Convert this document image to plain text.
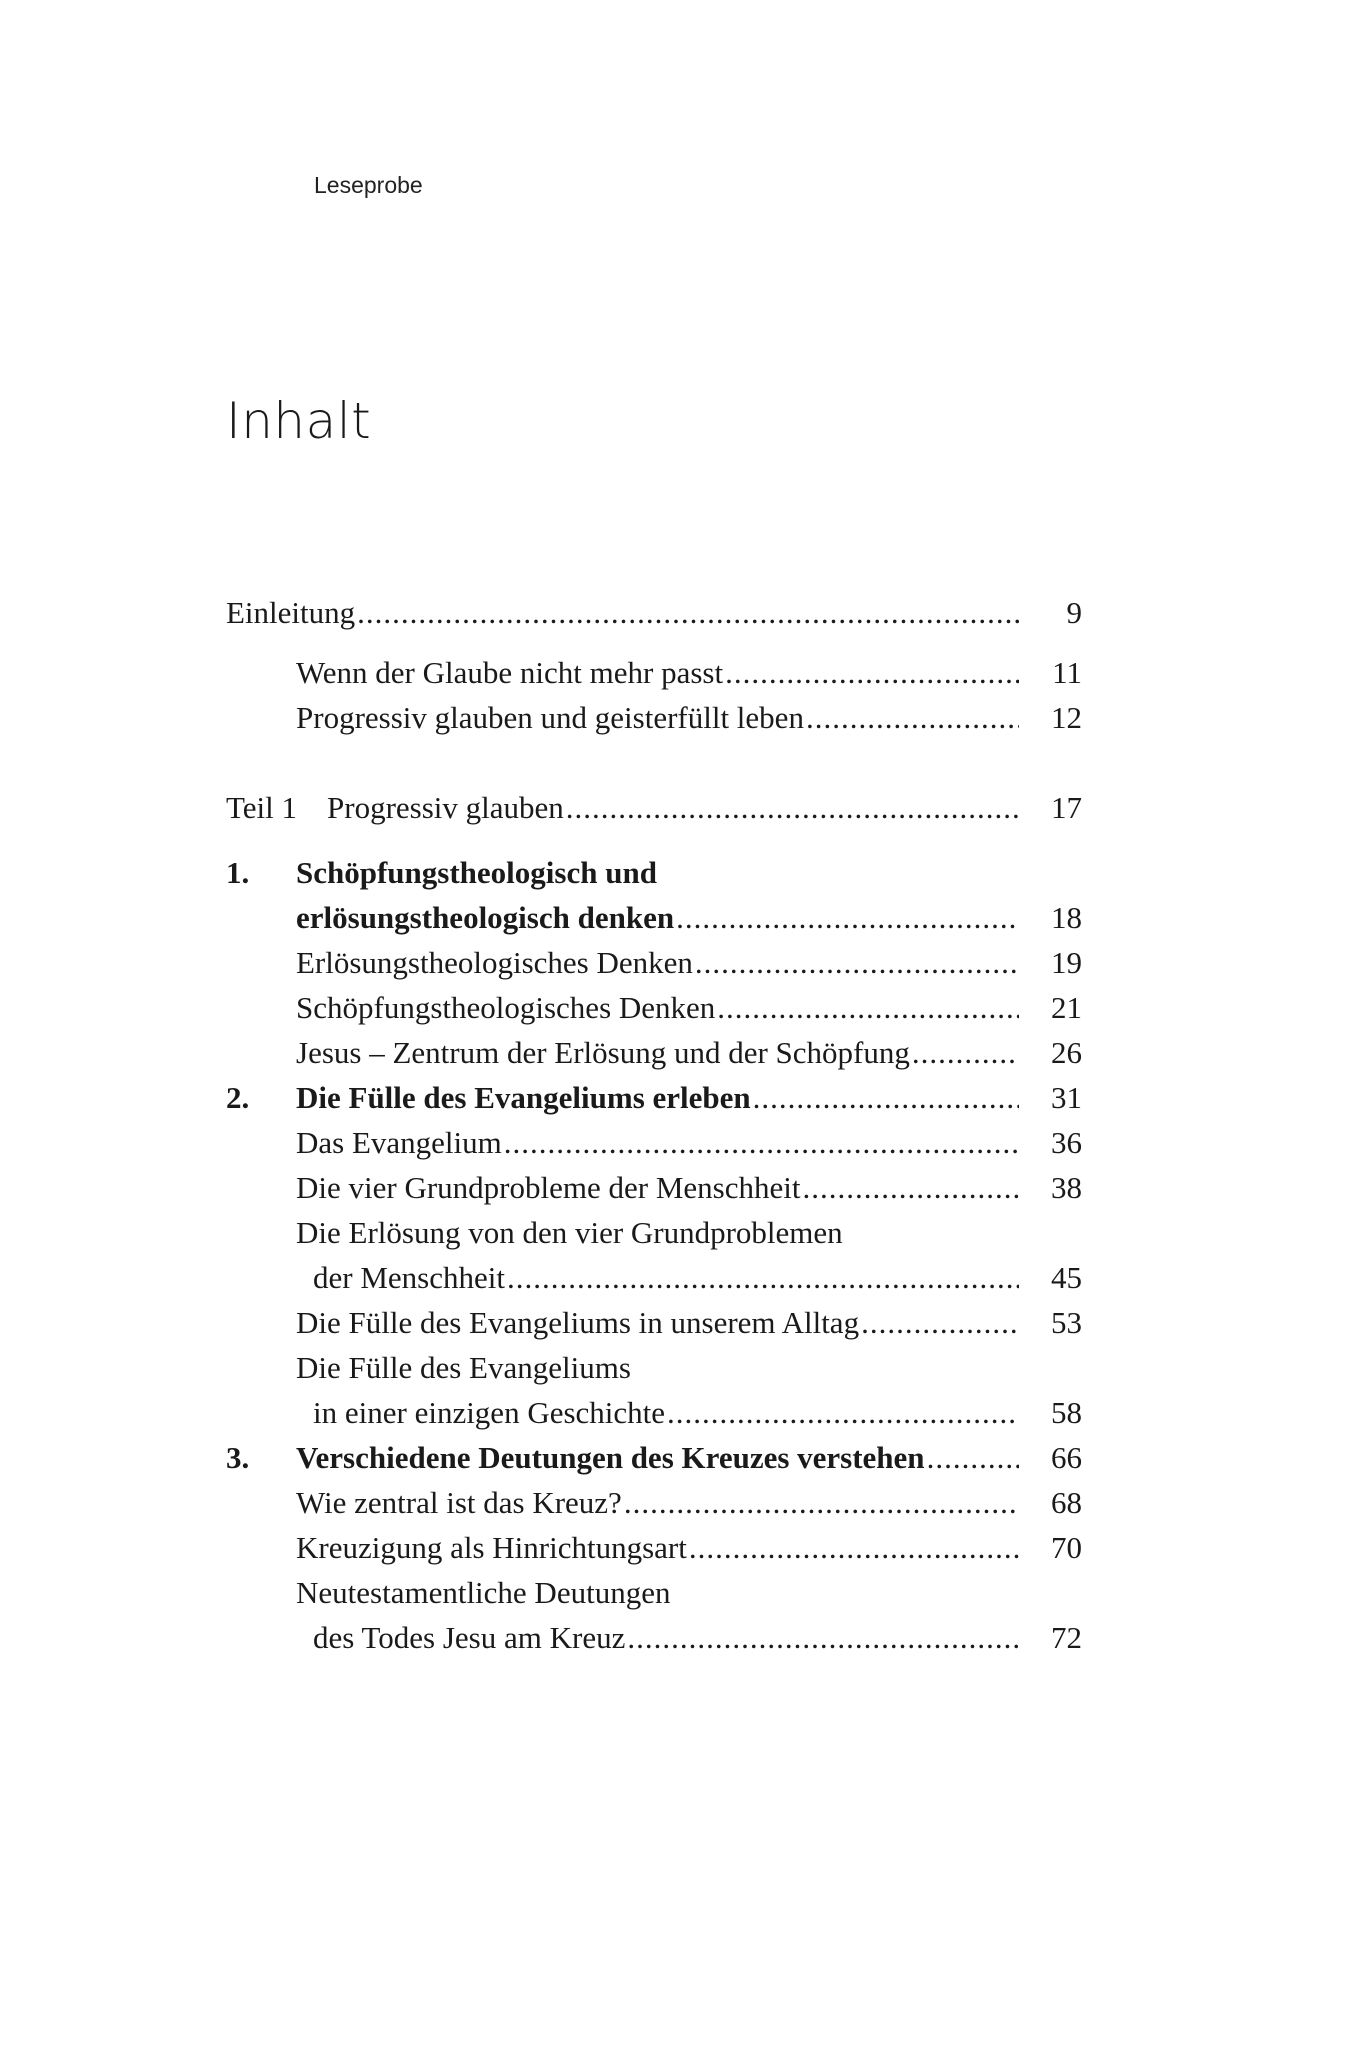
Leseprobe
Inhalt
Einleitung .....	9
Wenn der Glaube nicht mehr passt .....	11
Progressiv glauben und geisterfüllt leben .....	12
Teil 1 Progressiv glauben .....	17
1. Schöpfungstheologisch und
erlösungstheologisch denken .....	18
Erlösungstheologisches Denken .....	19
Schöpfungstheologisches Denken .....	21
Jesus – Zentrum der Erlösung und der Schöpfung .....	26
2. Die Fülle des Evangeliums erleben .....	31
Das Evangelium .....	36
Die vier Grundprobleme der Menschheit .....	38
Die Erlösung von den vier Grundproblemen
der Menschheit .....	45
Die Fülle des Evangeliums in unserem Alltag .....	53
Die Fülle des Evangeliums
in einer einzigen Geschichte .....	58
3. Verschiedene Deutungen des Kreuzes verstehen .....	66
Wie zentral ist das Kreuz? .....	68
Kreuzigung als Hinrichtungsart .....	70
Neutestamentliche Deutungen
des Todes Jesu am Kreuz .....	72
